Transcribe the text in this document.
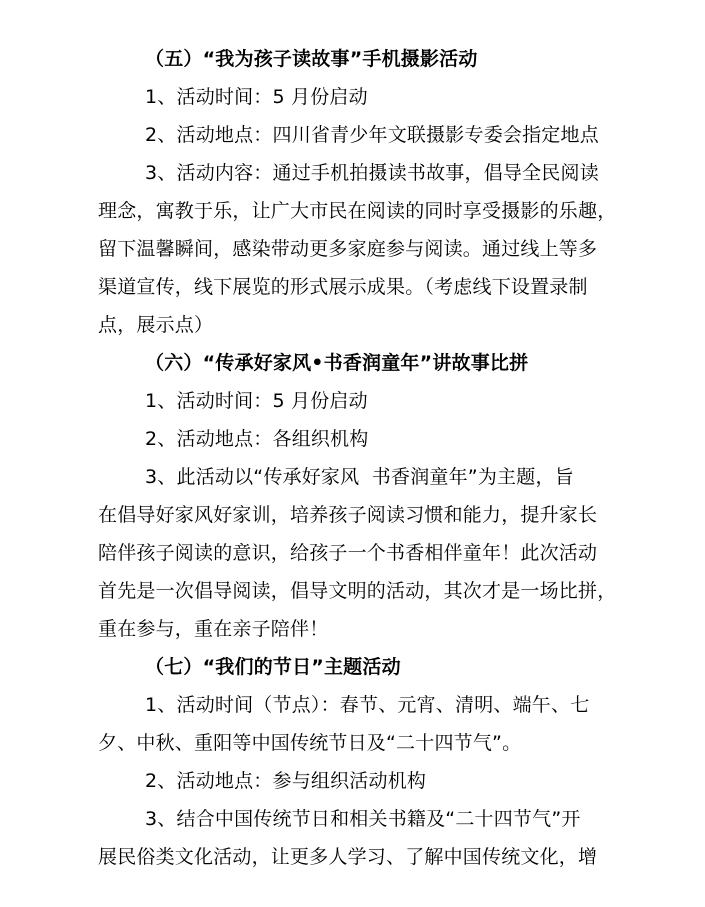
（五）“我为孩子读故事”手机摄影活动
1、活动时间：5 月份启动
2、活动地点：四川省青少年文联摄影专委会指定地点
3、活动内容：通过手机拍摄读书故事，倡导全民阅读
理念，寓教于乐，让广大市民在阅读的同时享受摄影的乐趣，
留下温馨瞬间，感染带动更多家庭参与阅读。通过线上等多
渠道宣传，线下展览的形式展示成果。（考虑线下设置录制
点，展示点）
（六）“传承好家风•书香润童年”讲故事比拼
1、活动时间：5 月份启动
2、活动地点：各组织机构
3、此活动以“传承好家风  书香润童年”为主题，旨
在倡导好家风好家训，培养孩子阅读习惯和能力，提升家长
陪伴孩子阅读的意识，给孩子一个书香相伴童年！此次活动
首先是一次倡导阅读，倡导文明的活动，其次才是一场比拼，
重在参与，重在亲子陪伴！
（七）“我们的节日”主题活动
1、活动时间（节点）：春节、元宵、清明、端午、七
夕、中秋、重阳等中国传统节日及“二十四节气”。
2、活动地点：参与组织活动机构
3、结合中国传统节日和相关书籍及“二十四节气”开
展民俗类文化活动，让更多人学习、了解中国传统文化，增
